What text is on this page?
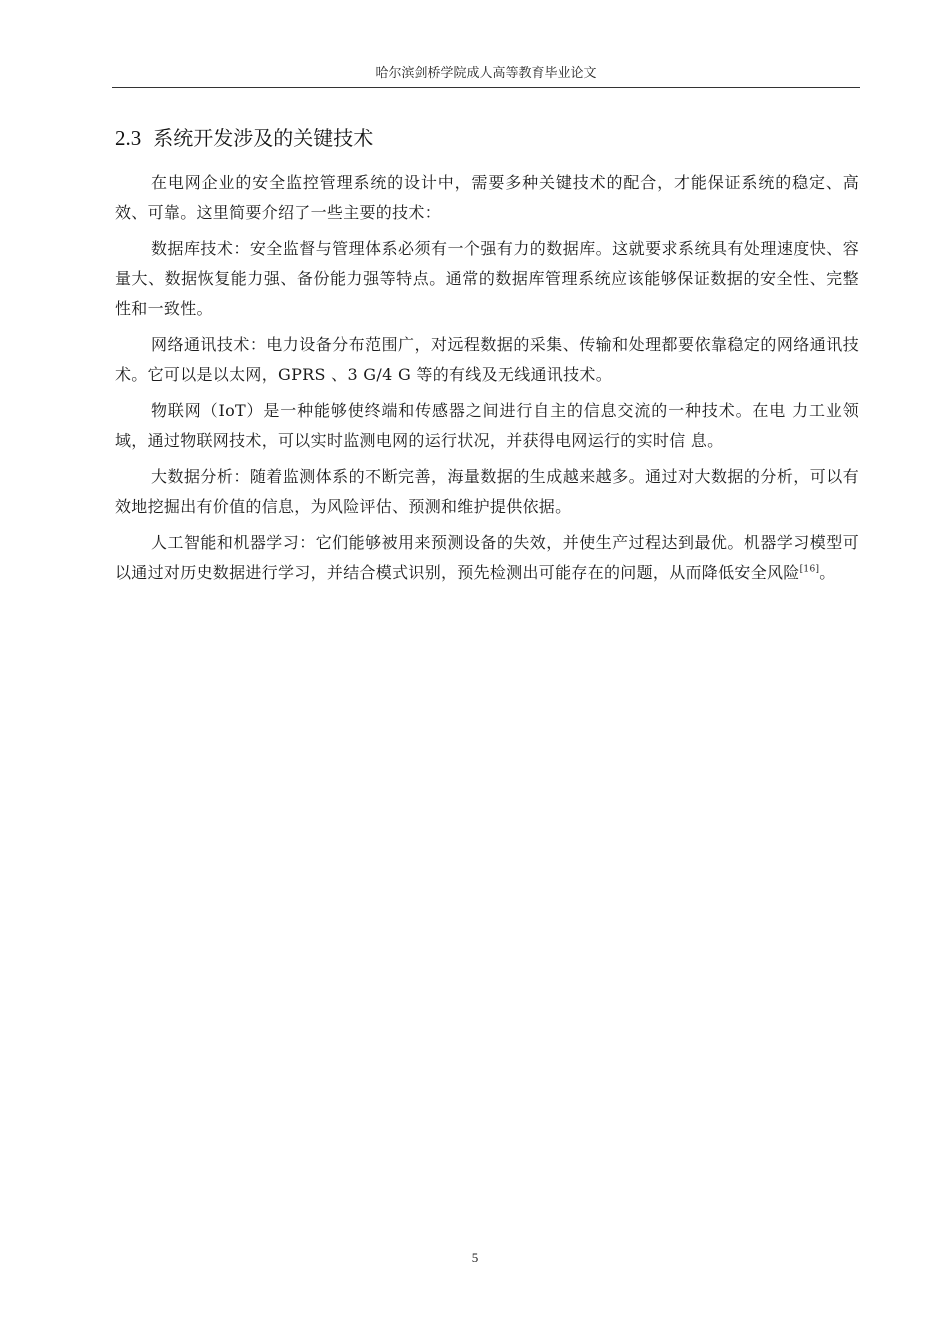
哈尔滨剑桥学院成人高等教育毕业论文
2.3 系统开发涉及的关键技术

在电网企业的安全监控管理系统的设计中，需要多种关键技术的配合，才能保证系统的稳定、高效、可靠。这里简要介绍了一些主要的技术：

数据库技术：安全监督与管理体系必须有一个强有力的数据库。这就要求系统具有处理速度快、容量大、数据恢复能力强、备份能力强等特点。通常的数据库管理系统应该能够保证数据的安全性、完整性和一致性。

网络通讯技术：电力设备分布范围广，对远程数据的采集、传输和处理都要依靠稳定的网络通讯技术。它可以是以太网，GPRS 、3 G/4 G 等的有线及无线通讯技术。

物联网（IoT）是一种能够使终端和传感器之间进行自主的信息交流的一种技术。在电 力工业领域，通过物联网技术，可以实时监测电网的运行状况，并获得电网运行的实时信 息。

大数据分析：随着监测体系的不断完善，海量数据的生成越来越多。通过对大数据的分析，可以有效地挖掘出有价值的信息，为风险评估、预测和维护提供依据。

人工智能和机器学习：它们能够被用来预测设备的失效，并使生产过程达到最优。机器学习模型可以通过对历史数据进行学习，并结合模式识别，预先检测出可能存在的问题，从而降低安全风险[16]。

5
